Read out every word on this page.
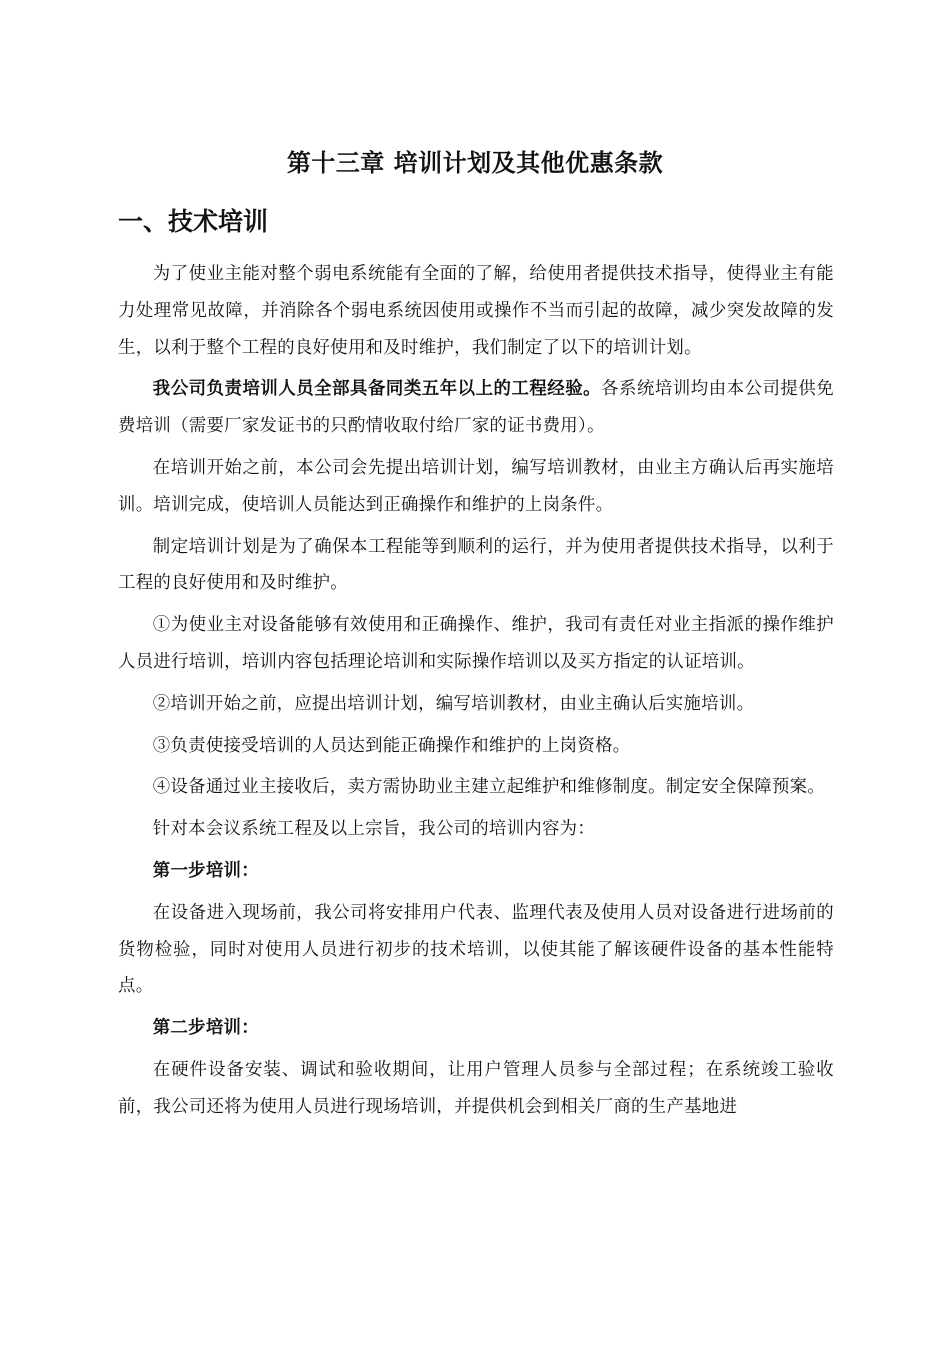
第十三章 培训计划及其他优惠条款
一、技术培训

为了使业主能对整个弱电系统能有全面的了解，给使用者提供技术指导，使得业主有能力处理常见故障，并消除各个弱电系统因使用或操作不当而引起的故障，减少突发故障的发生，以利于整个工程的良好使用和及时维护，我们制定了以下的培训计划。

我公司负责培训人员全部具备同类五年以上的工程经验。各系统培训均由本公司提供免费培训（需要厂家发证书的只酌情收取付给厂家的证书费用）。

在培训开始之前，本公司会先提出培训计划，编写培训教材，由业主方确认后再实施培训。培训完成，使培训人员能达到正确操作和维护的上岗条件。

制定培训计划是为了确保本工程能等到顺利的运行，并为使用者提供技术指导，以利于工程的良好使用和及时维护。

①为使业主对设备能够有效使用和正确操作、维护，我司有责任对业主指派的操作维护人员进行培训，培训内容包括理论培训和实际操作培训以及买方指定的认证培训。

②培训开始之前，应提出培训计划，编写培训教材，由业主确认后实施培训。

③负责使接受培训的人员达到能正确操作和维护的上岗资格。

④设备通过业主接收后，卖方需协助业主建立起维护和维修制度。制定安全保障预案。

针对本会议系统工程及以上宗旨，我公司的培训内容为：

第一步培训：

在设备进入现场前，我公司将安排用户代表、监理代表及使用人员对设备进行进场前的货物检验，同时对使用人员进行初步的技术培训，以使其能了解该硬件设备的基本性能特点。

第二步培训：

在硬件设备安装、调试和验收期间，让用户管理人员参与全部过程；在系统竣工验收前，我公司还将为使用人员进行现场培训，并提供机会到相关厂商的生产基地进
